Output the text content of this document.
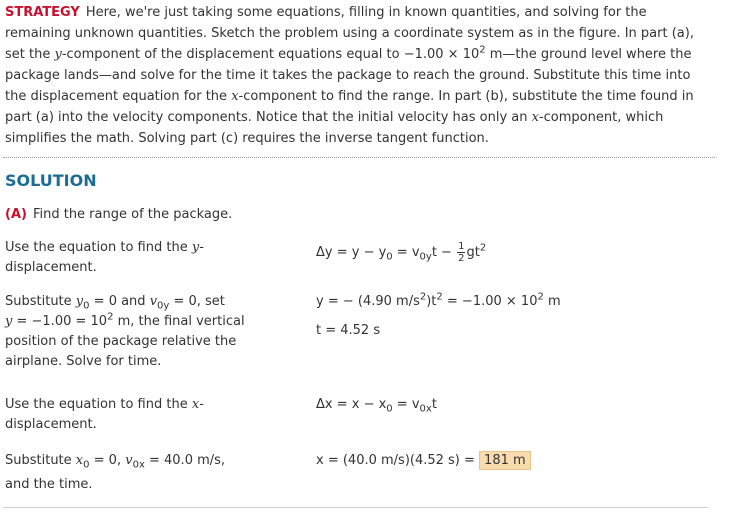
STRATEGY Here, we're just taking some equations, filling in known quantities, and solving for the remaining unknown quantities. Sketch the problem using a coordinate system as in the figure. In part (a), set the y-component of the displacement equations equal to $-1.00 \times 10^2$ m—the ground level where the package lands—and solve for the time it takes the package to reach the ground. Substitute this time into the displacement equation for the x-component to find the range. In part (b), substitute the time found in part (a) into the velocity components. Notice that the initial velocity has only an x-component, which simplifies the math. Solving part (c) requires the inverse tangent function.
SOLUTION
(A) Find the range of the package.
Use the equation to find the y-displacement.
$\Delta y = y - y_0 = v_{0y}t - \frac{1}{2} gt^2$
Substitute $y_0 = 0$ and $v_{0y} = 0$, set
$y = -1.00 = 10^2$ m, the final vertical position of the package relative the airplane. Solve for time.
y = − (4.90 $m/s^2)t^2 = -1.00 \times 10^2$ m
t = 4.52 s
Use the equation to find the x-displacement.
$\Delta x = x - x_0 = v_{0x}t$
Substitute $x_0 = 0$, $v_{0x} = 40.0$ m/s,
and the time.
x = (40.0 m/s)(4.52 s) = 181 m
